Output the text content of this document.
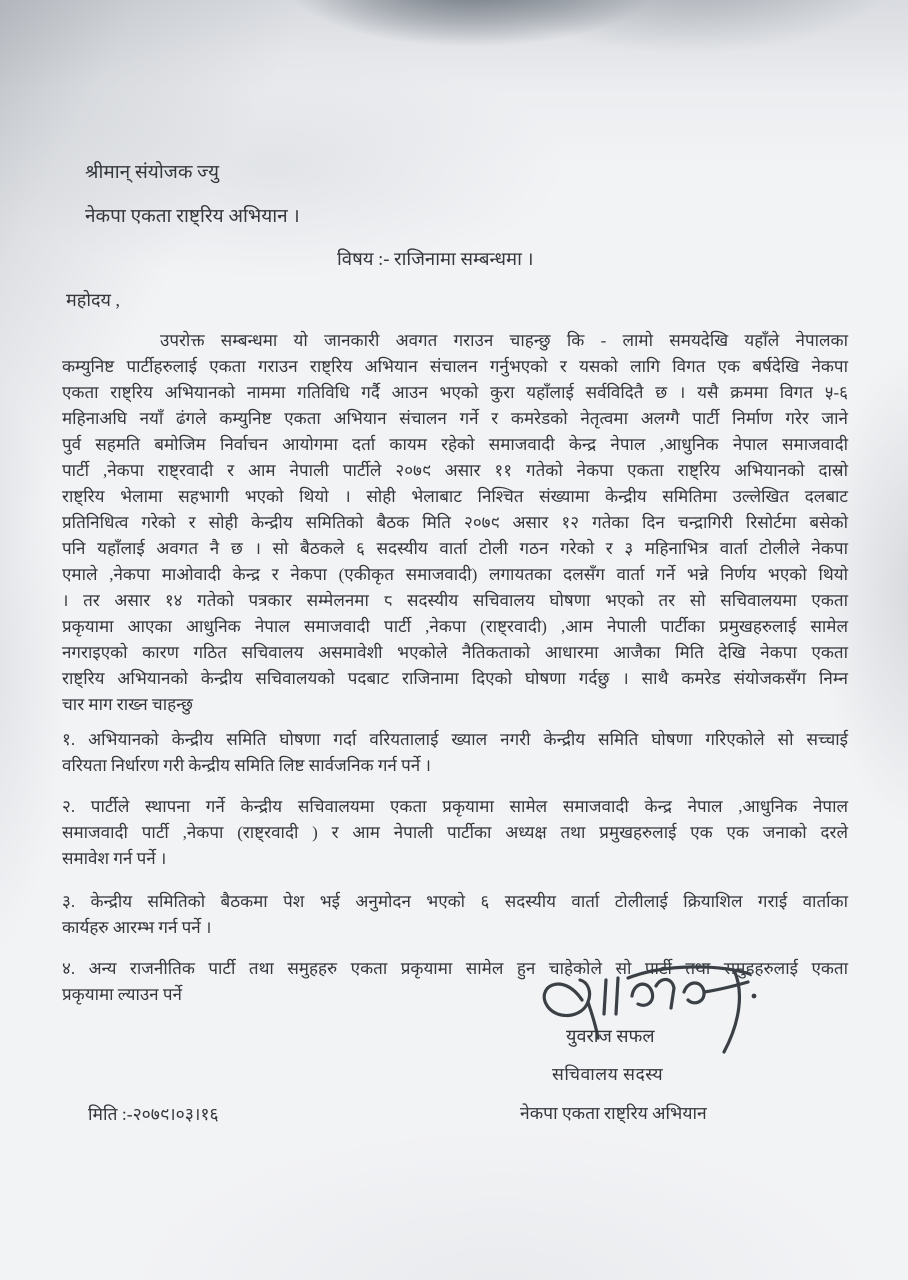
श्रीमान् संयोजक ज्यु
नेकपा एकता राष्ट्रिय अभियान ।
विषय :- राजिनामा सम्बन्धमा ।
महोदय ,
उपरोक्त सम्बन्धमा यो जानकारी अवगत गराउन चाहन्छु कि - लामो समयदेखि यहाँले नेपालका
कम्युनिष्ट पार्टीहरुलाई एकता गराउन राष्ट्रिय अभियान संचालन गर्नुभएको र यसको लागि विगत एक बर्षदेखि नेकपा
एकता राष्ट्रिय अभियानको नाममा गतिविधि गर्दै आउन भएको कुरा यहाँलाई सर्वविदितै छ । यसै क्रममा विगत ५-६
महिनाअघि नयाँ ढंगले कम्युनिष्ट एकता अभियान संचालन गर्ने र कमरेडको नेतृत्वमा अलग्गै पार्टी निर्माण गरेर जाने
पुर्व सहमति बमोजिम निर्वाचन आयोगमा दर्ता कायम रहेको समाजवादी केन्द्र नेपाल ,आधुनिक नेपाल समाजवादी
पार्टी ,नेकपा राष्ट्रवादी र आम नेपाली पार्टीले २०७९ असार ११ गतेको नेकपा एकता राष्ट्रिय अभियानको दास्रो
राष्ट्रिय भेलामा सहभागी भएको थियो । सोही भेलाबाट निश्चित संख्यामा केन्द्रीय समितिमा उल्लेखित दलबाट
प्रतिनिधित्व गरेको र सोही केन्द्रीय समितिको बैठक मिति २०७९ असार १२ गतेका दिन चन्द्रागिरी रिसोर्टमा बसेको
पनि यहाँलाई अवगत नै छ । सो बैठकले ६ सदस्यीय वार्ता टोली गठन गरेको र ३ महिनाभित्र वार्ता टोलीले नेकपा
एमाले ,नेकपा माओवादी केन्द्र र नेकपा (एकीकृत समाजवादी) लगायतका दलसँग वार्ता गर्ने भन्ने निर्णय भएको थियो
। तर असार १४ गतेको पत्रकार सम्मेलनमा ८ सदस्यीय सचिवालय घोषणा भएको तर सो सचिवालयमा एकता
प्रकृयामा आएका आधुनिक नेपाल समाजवादी पार्टी ,नेकपा (राष्ट्रवादी) ,आम नेपाली पार्टीका प्रमुखहरुलाई सामेल
नगराइएको कारण गठित सचिवालय असमावेशी भएकोले नैतिकताको आधारमा आजैका मिति देखि नेकपा एकता
राष्ट्रिय अभियानको केन्द्रीय सचिवालयको पदबाट राजिनामा दिएको घोषणा गर्दछु । साथै कमरेड संयोजकसँग निम्न
चार माग राख्न चाहन्छु
१. अभियानको केन्द्रीय समिति घोषणा गर्दा वरियतालाई ख्याल नगरी केन्द्रीय समिति घोषणा गरिएकोले सो सच्चाई
वरियता निर्धारण गरी केन्द्रीय समिति लिष्ट सार्वजनिक गर्न पर्ने ।
२. पार्टीले स्थापना गर्ने केन्द्रीय सचिवालयमा एकता प्रकृयामा सामेल समाजवादी केन्द्र नेपाल ,आधुनिक नेपाल
समाजवादी पार्टी ,नेकपा (राष्ट्रवादी ) र आम नेपाली पार्टीका अध्यक्ष तथा प्रमुखहरुलाई एक एक जनाको दरले
समावेश गर्न पर्ने ।
३. केन्द्रीय समितिको बैठकमा पेश भई अनुमोदन भएको ६ सदस्यीय वार्ता टोलीलाई क्रियाशिल गराई वार्ताका
कार्यहरु आरम्भ गर्न पर्ने ।
४. अन्य राजनीतिक पार्टी तथा समुहहरु एकता प्रकृयामा सामेल हुन चाहेकोले सो पार्टी तथा समुहहरुलाई एकता
प्रकृयामा ल्याउन पर्ने
युवराज सफल
सचिवालय सदस्य
मिति :-२०७९।०३।१६	नेकपा एकता राष्ट्रिय अभियान
